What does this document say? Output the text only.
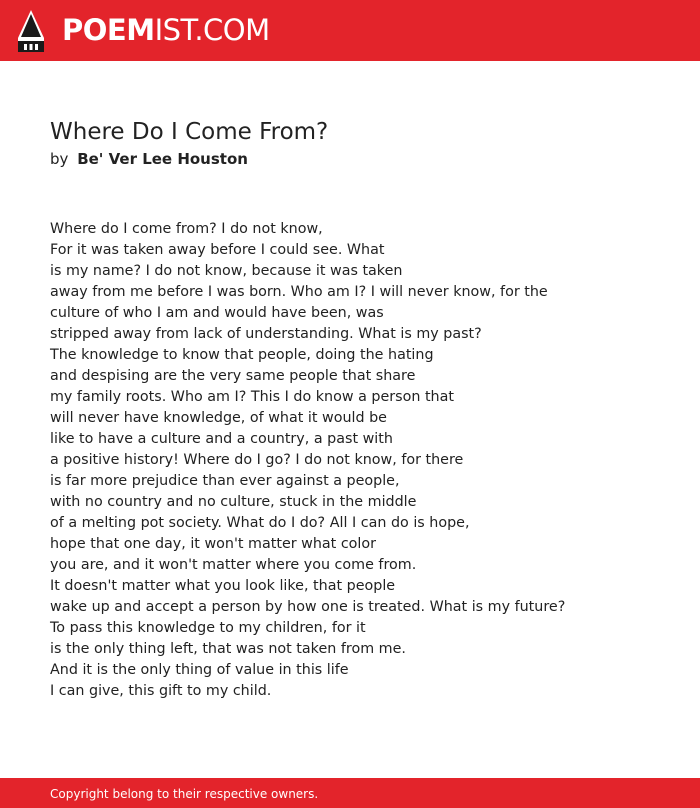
POEMIST.COM
Where Do I Come From?
by Be' Ver Lee Houston
Where do I come from? I do not know,
For it was taken away before I could see. What
is my name? I do not know, because it was taken
away from me before I was born. Who am I? I will never know, for the
culture of who I am and would have been, was
stripped away from lack of understanding. What is my past?
The knowledge to know that people, doing the hating
and despising are the very same people that share
my family roots. Who am I? This I do know a person that
will never have knowledge, of what it would be
like to have a culture and a country, a past with
a positive history! Where do I go? I do not know, for there
is far more prejudice than ever against a people,
with no country and no culture, stuck in the middle
of a melting pot society. What do I do? All I can do is hope,
hope that one day, it won't matter what color
you are, and it won't matter where you come from.
It doesn't matter what you look like, that people
wake up and accept a person by how one is treated. What is my future?
To pass this knowledge to my children, for it
is the only thing left, that was not taken from me.
And it is the only thing of value in this life
I can give, this gift to my child.
Copyright belong to their respective owners.
